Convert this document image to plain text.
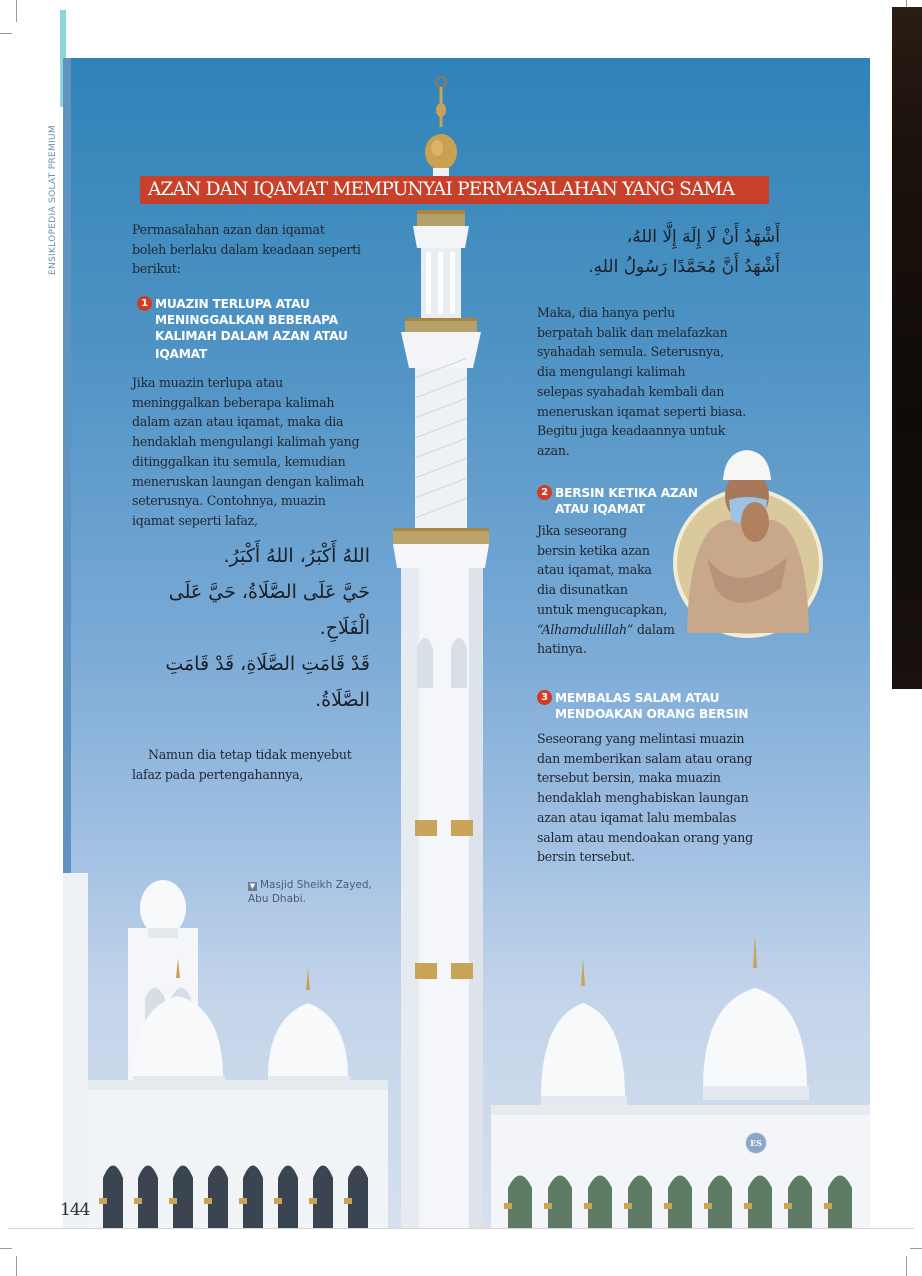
ENSIKLOPEDIA SOLAT PREMIUM	AZAN DAN IQAMAT MEMPUNYAI PERMASALAHAN YANG SAMA
Permasalahan azan dan iqamat
boleh berlaku dalam keadaan seperti
berikut:
1 MUAZIN TERLUPA ATAU
MENINGGALKAN BEBERAPA
KALIMAH DALAM AZAN ATAU
IQAMAT
Jika muazin terlupa atau
meninggalkan beberapa kalimah
dalam azan atau iqamat, maka dia
hendaklah mengulangi kalimah yang
ditinggalkan itu semula, kemudian
meneruskan laungan dengan kalimah
seterusnya. Contohnya, muazin
iqamat seperti lafaz,
اللهُ أَكْبَرُ، اللهُ أَكْبَرُ.
حَيَّ عَلَى الصَّلَاةُ، حَيَّ عَلَى
الْفَلَاحِ.
قَدْ قَامَتِ الصَّلَاةِ، قَدْ قَامَتِ
الصَّلَاةُ.
Namun dia tetap tidak menyebut
lafaz pada pertengahannya,
أَشْهَدُ أَنْ لَا إِلَهَ إِلَّا اللهُ،
أَشْهَدُ أَنَّ مُحَمَّدًا رَسُولُ اللهِ.
Maka, dia hanya perlu
berpatah balik dan melafazkan
syahadah semula. Seterusnya,
dia mengulangi kalimah
selepas syahadah kembali dan
meneruskan iqamat seperti biasa.
Begitu juga keadaannya untuk
azan.
2 BERSIN KETIKA AZAN
ATAU IQAMAT
Jika seseorang
bersin ketika azan
atau iqamat, maka
dia disunatkan
untuk mengucapkan,
“Alhamdulillah” dalam
hatinya.
3 MEMBALAS SALAM ATAU
MENDOAKAN ORANG BERSIN
Seseorang yang melintasi muazin
dan memberikan salam atau orang
tersebut bersin, maka muazin
hendaklah menghabiskan laungan
azan atau iqamat lalu membalas
salam atau mendoakan orang yang
bersin tersebut.
▼ Masjid Sheikh Zayed,
Abu Dhabi.
ES
144
